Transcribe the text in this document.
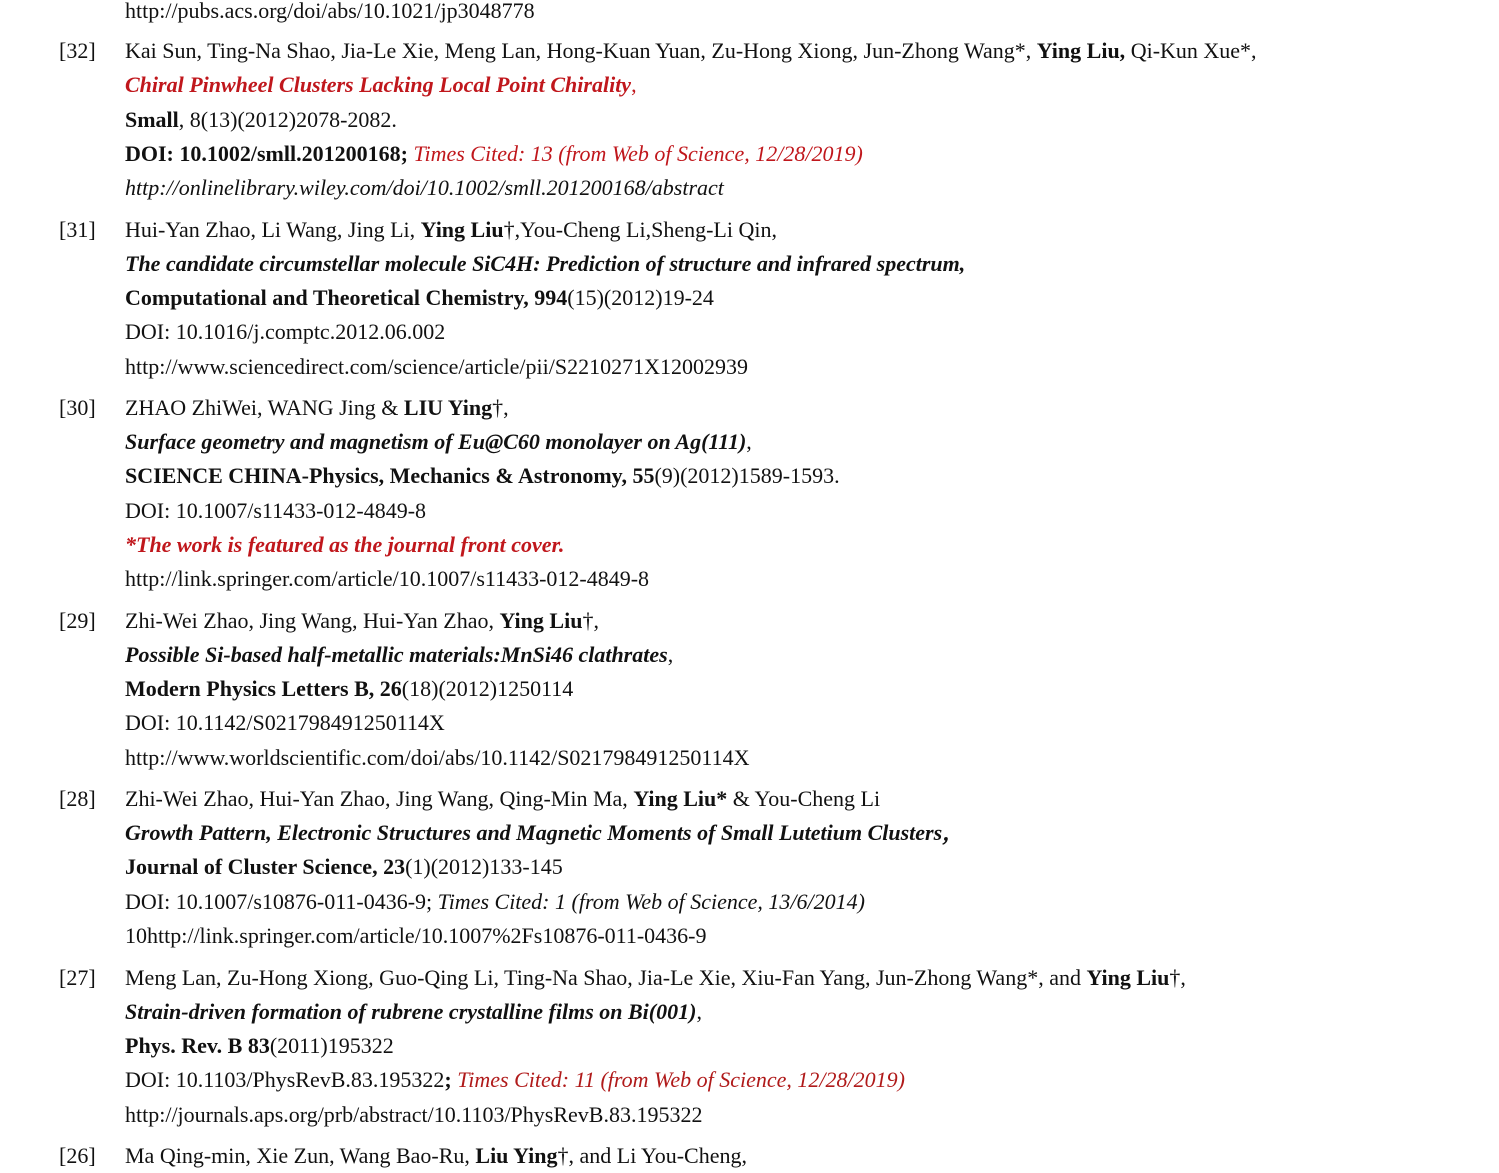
http://pubs.acs.org/doi/abs/10.1021/jp3048778
[32] Kai Sun, Ting-Na Shao, Jia-Le Xie, Meng Lan, Hong-Kuan Yuan, Zu-Hong Xiong, Jun-Zhong Wang*, Ying Liu, Qi-Kun Xue*,
Chiral Pinwheel Clusters Lacking Local Point Chirality,
Small, 8(13)(2012)2078-2082.
DOI: 10.1002/smll.201200168; Times Cited: 13 (from Web of Science, 12/28/2019)
http://onlinelibrary.wiley.com/doi/10.1002/smll.201200168/abstract
[31] Hui-Yan Zhao, Li Wang, Jing Li, Ying Liu†,You-Cheng Li,Sheng-Li Qin,
The candidate circumstellar molecule SiC4H: Prediction of structure and infrared spectrum,
Computational and Theoretical Chemistry, 994(15)(2012)19-24
DOI: 10.1016/j.comptc.2012.06.002
http://www.sciencedirect.com/science/article/pii/S2210271X12002939
[30] ZHAO ZhiWei, WANG Jing & LIU Ying†,
Surface geometry and magnetism of Eu@C60 monolayer on Ag(111),
SCIENCE CHINA-Physics, Mechanics & Astronomy, 55(9)(2012)1589-1593.
DOI: 10.1007/s11433-012-4849-8
*The work is featured as the journal front cover.
http://link.springer.com/article/10.1007/s11433-012-4849-8
[29] Zhi-Wei Zhao, Jing Wang, Hui-Yan Zhao, Ying Liu†,
Possible Si-based half-metallic materials:MnSi46 clathrates,
Modern Physics Letters B, 26(18)(2012)1250114
DOI: 10.1142/S021798491250114X
http://www.worldscientific.com/doi/abs/10.1142/S021798491250114X
[28] Zhi-Wei Zhao, Hui-Yan Zhao, Jing Wang, Qing-Min Ma, Ying Liu* & You-Cheng Li
Growth Pattern, Electronic Structures and Magnetic Moments of Small Lutetium Clusters，
Journal of Cluster Science, 23(1)(2012)133-145
DOI: 10.1007/s10876-011-0436-9; Times Cited: 1 (from Web of Science, 13/6/2014)
10http://link.springer.com/article/10.1007%2Fs10876-011-0436-9
[27] Meng Lan, Zu-Hong Xiong, Guo-Qing Li, Ting-Na Shao, Jia-Le Xie, Xiu-Fan Yang, Jun-Zhong Wang*, and Ying Liu†,
Strain-driven formation of rubrene crystalline films on Bi(001),
Phys. Rev. B 83(2011)195322
DOI: 10.1103/PhysRevB.83.195322; Times Cited: 11 (from Web of Science, 12/28/2019)
http://journals.aps.org/prb/abstract/10.1103/PhysRevB.83.195322
[26] Ma Qing-min, Xie Zun, Wang Bao-Ru, Liu Ying†, and Li You-Cheng,
